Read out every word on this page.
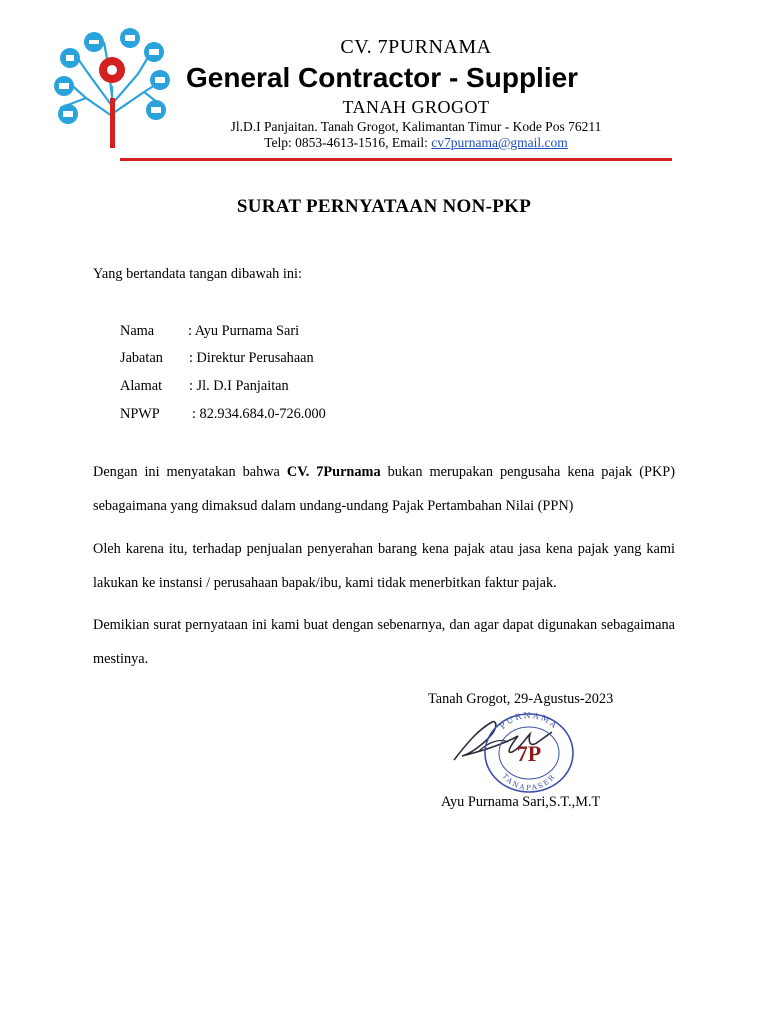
CV. 7PURNAMA
General Contractor - Supplier
TANAH GROGOT
Jl.D.I Panjaitan. Tanah Grogot, Kalimantan Timur - Kode Pos 76211
Telp: 0853-4613-1516, Email: cv7purnama@gmail.com
SURAT PERNYATAAN NON-PKP
Yang bertandata tangan dibawah ini:
Nama : Ayu Purnama Sari
Jabatan : Direktur Perusahaan
Alamat : Jl. D.I Panjaitan
NPWP : 82.934.684.0-726.000
Dengan ini menyatakan bahwa CV. 7Purnama bukan merupakan pengusaha kena pajak (PKP) sebagaimana yang dimaksud dalam undang-undang Pajak Pertambahan Nilai (PPN)
Oleh karena itu, terhadap penjualan penyerahan barang kena pajak atau jasa kena pajak yang kami lakukan ke instansi / perusahaan bapak/ibu, kami tidak menerbitkan faktur pajak.
Demikian surat pernyataan ini kami buat dengan sebenarnya, dan agar dapat digunakan sebagaimana mestinya.
Tanah Grogot, 29-Agustus-2023
PURNAMA
TANAPASER
7P
Ayu Purnama Sari,S.T.,M.T
